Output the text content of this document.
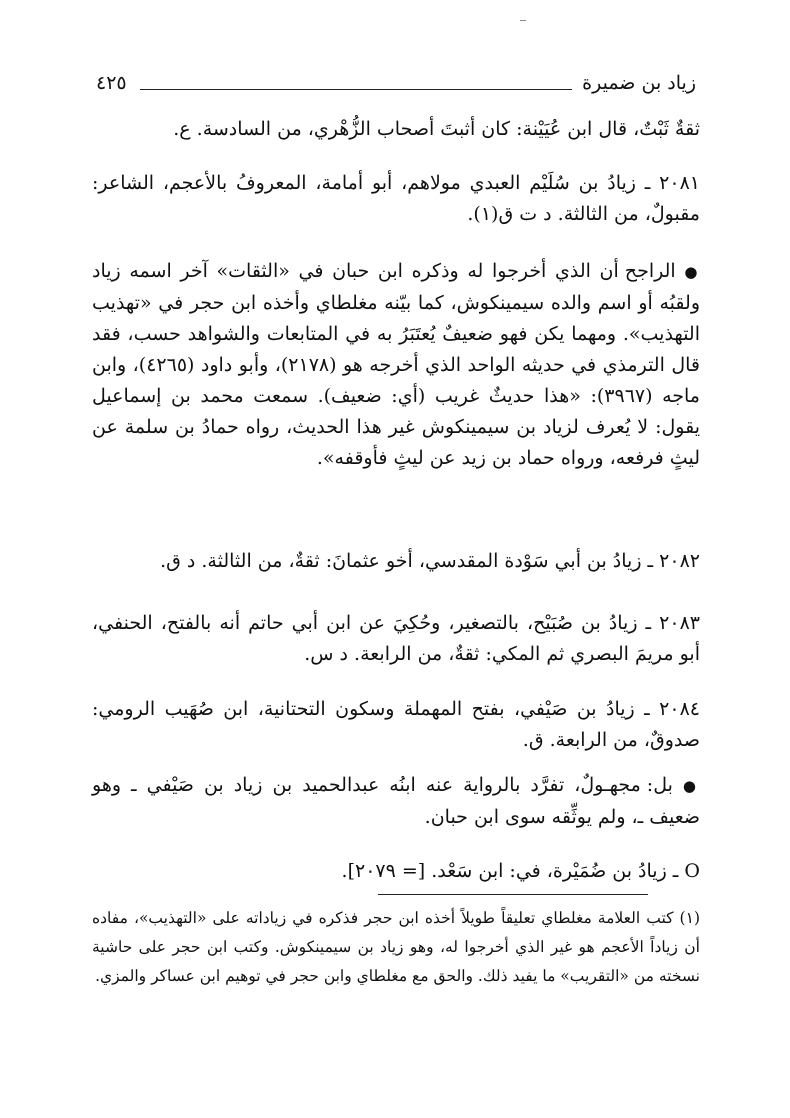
زياد بن ضميرة
٤٢٥

ثقةٌ ثَبْتٌ، قال ابن عُيَيْنة: كان أثبتَ أصحاب الزُّهْري، من السادسة. ع.

٢٠٨١ ـ زيادُ بن سُلَيْم العبدي مولاهم، أبو أمامة، المعروفُ بالأعجم، الشاعر: مقبولٌ، من الثالثة. د ت ق(١).

● الراجح أن الذي أخرجوا له وذكره ابن حبان في «الثقات» آخر اسمه زياد ولقبُه أو اسم والده سيمينكوش، كما بيّنه مغلطاي وأخذه ابن حجر في «تهذيب التهذيب». ومهما يكن فهو ضعيفٌ يُعتَبَرُ به في المتابعات والشواهد حسب، فقد قال الترمذي في حديثه الواحد الذي أخرجه هو (٢١٧٨)، وأبو داود (٤٢٦٥)، وابن ماجه (٣٩٦٧): «هذا حديثٌ غريب (أي: ضعيف). سمعت محمد بن إسماعيل يقول: لا يُعرف لزياد بن سيمينكوش غير هذا الحديث، رواه حمادُ بن سلمة عن ليثٍ فرفعه، ورواه حماد بن زيد عن ليثٍ فأوقفه».

٢٠٨٢ ـ زيادُ بن أبي سَوْدة المقدسي، أخو عثمانَ: ثقةٌ، من الثالثة. د ق.

٢٠٨٣ ـ زيادُ بن صُبَيْح، بالتصغير، وحُكِيَ عن ابن أبي حاتم أنه بالفتح، الحنفي، أبو مريمَ البصري ثم المكي: ثقةٌ، من الرابعة. د س.

٢٠٨٤ ـ زيادُ بن صَيْفي، بفتح المهملة وسكون التحتانية، ابن صُهَيب الرومي: صدوقٌ، من الرابعة. ق.

● بل: مجهـولٌ، تفرَّد بالرواية عنه ابنُه عبدالحميد بن زياد بن صَيْفي ـ وهو ضعيف ـ، ولم يوثِّقه سوى ابن حبان.

O ـ زيادُ بن ضُمَيْرة، في: ابن سَعْد. [= ٢٠٧٩].

(١) كتب العلامة مغلطاي تعليقاً طويلاً أخذه ابن حجر فذكره في زياداته على «التهذيب»، مفاده أن زياداً الأعجم هو غير الذي أخرجوا له، وهو زياد بن سيمينكوش. وكتب ابن حجر على حاشية نسخته من «التقريب» ما يفيد ذلك. والحق مع مغلطاي وابن حجر في توهيم ابن عساكر والمزي.
